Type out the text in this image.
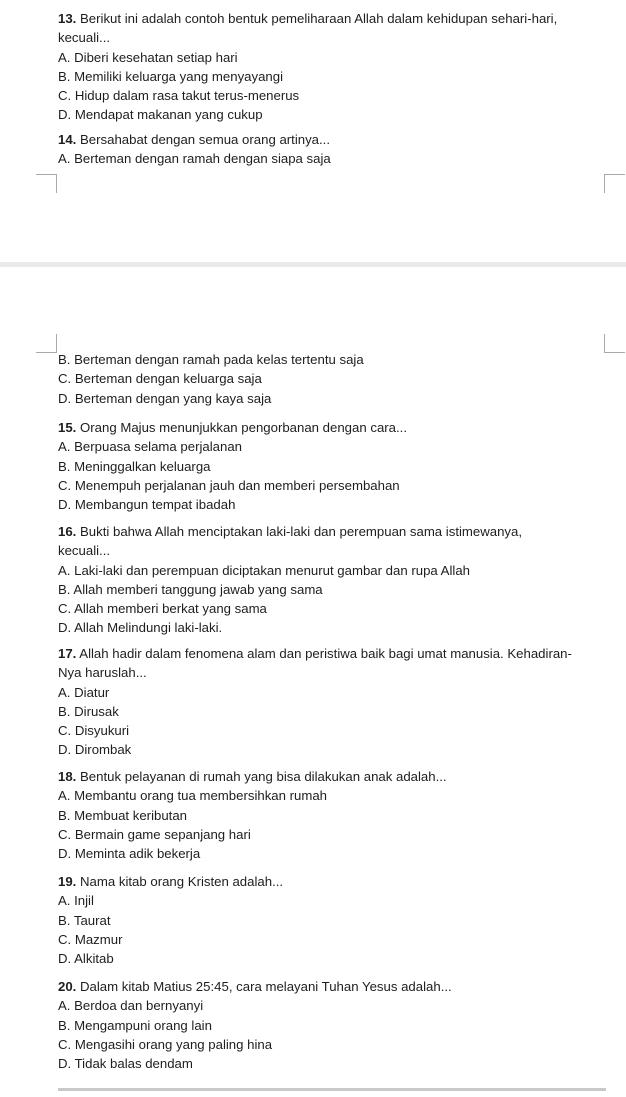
13. Berikut ini adalah contoh bentuk pemeliharaan Allah dalam kehidupan sehari-hari,
kecuali...
A. Diberi kesehatan setiap hari
B. Memiliki keluarga yang menyayangi
C. Hidup dalam rasa takut terus-menerus
D. Mendapat makanan yang cukup
14. Bersahabat dengan semua orang artinya...
A. Berteman dengan ramah dengan siapa saja
B. Berteman dengan ramah pada kelas tertentu saja
C. Berteman dengan keluarga saja
D. Berteman dengan yang kaya saja
15. Orang Majus menunjukkan pengorbanan dengan cara...
A. Berpuasa selama perjalanan
B. Meninggalkan keluarga
C. Menempuh perjalanan jauh dan memberi persembahan
D. Membangun tempat ibadah
16. Bukti bahwa Allah menciptakan laki-laki dan perempuan sama istimewanya,
kecuali...
A. Laki-laki dan perempuan diciptakan menurut gambar dan rupa Allah
B. Allah memberi tanggung jawab yang sama
C. Allah memberi berkat yang sama
D. Allah Melindungi laki-laki.
17. Allah hadir dalam fenomena alam dan peristiwa baik bagi umat manusia. Kehadiran-
Nya haruslah...
A. Diatur
B. Dirusak
C. Disyukuri
D. Dirombak
18. Bentuk pelayanan di rumah yang bisa dilakukan anak adalah...
A. Membantu orang tua membersihkan rumah
B. Membuat keributan
C. Bermain game sepanjang hari
D. Meminta adik bekerja
19. Nama kitab orang Kristen adalah...
A. Injil
B. Taurat
C. Mazmur
D. Alkitab
20. Dalam kitab Matius 25:45, cara melayani Tuhan Yesus adalah...
A. Berdoa dan bernyanyi
B. Mengampuni orang lain
C. Mengasihi orang yang paling hina
D. Tidak balas dendam
